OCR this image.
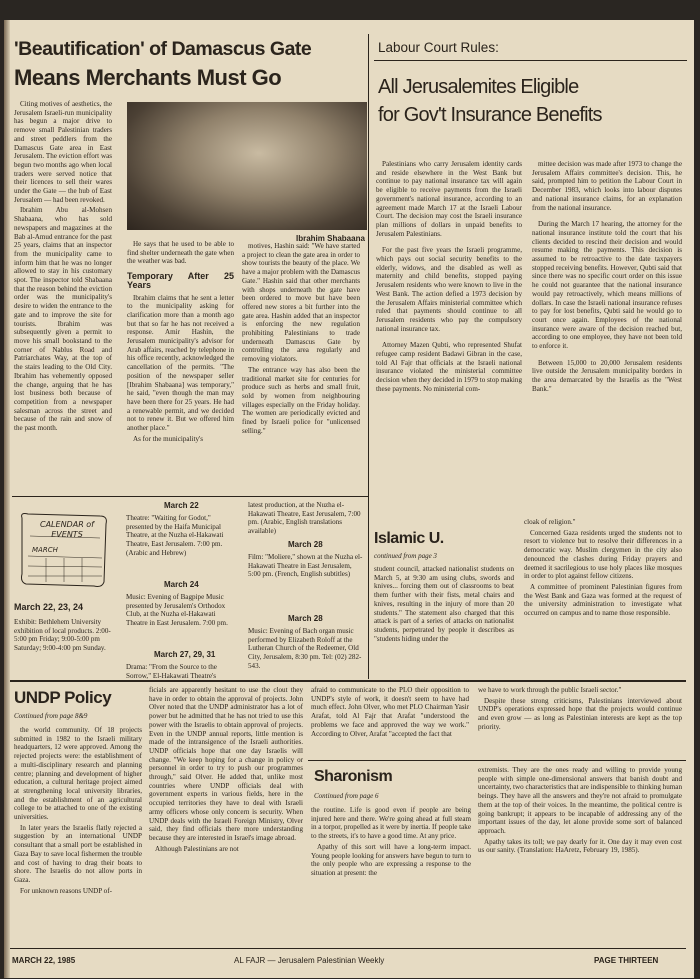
'Beautification' of Damascus Gate
Means Merchants Must Go

Citing motives of aesthetics, the Jerusalem Israeli-run municipality has begun a major drive to remove small Palestinian traders and street peddlers from the Damascus Gate area in East Jerusalem. The eviction effort was begun two months ago when local traders were served notice that their licences to sell their wares under the Gate — the hub of East Jerusalem — had been revoked.

Ibrahim Abu al-Mohsen Shabaana, who has sold newspapers and magazines at the Bab al-Amud entrance for the past 25 years, claims that an inspector from the municipality came to inform him that he was no longer allowed to stay in his customary spot. The inspector told Shabaana that the reason behind the eviction order was the municipality's desire to widen the entrance to the gate and to improve the site for tourists. Ibrahim was subsequently given a permit to move his small bookstand to the corner of Nablus Road and Patriarchates Way, at the top of the stairs leading to the Old City. Ibrahim has vehemently opposed the change, arguing that he has lost business both because of competition from a newspaper salesman across the street and because of the rain and snow of the past month.

Ibrahim Shabaana

He says that he used to be able to find shelter underneath the gate when the weather was bad.

Temporary After 25 Years

Ibrahim claims that he sent a letter to the municipality asking for clarification more than a month ago but that so far he has not received a response. Amir Hashin, the Jerusalem municipality's advisor for Arab affairs, reached by telephone in his office recently, acknowledged the cancellation of the permits. "The position of the newspaper seller [Ibrahim Shabaana] was temporary," he said, "even though the man may have been there for 25 years. He had a renewable permit, and we decided not to renew it. But we offered him another place."

As for the municipality's

motives, Hashin said: "We have started a project to clean the gate area in order to show tourists the beauty of the place. We have a major problem with the Damascus Gate." Hashin said that other merchants with shops underneath the gate have been ordered to move but have been offered new stores a bit further into the gate area. Hashin added that an inspector is enforcing the new regulation prohibiting Palestinians to trade underneath Damascus Gate by controlling the area regularly and removing violators.

The entrance way has also been the traditional market site for centuries for produce such as herbs and small fruit, sold by women from neighbouring villages especially on the Friday holiday. The women are periodically evicted and fined by Israeli police for "unlicensed selling."

Labour Court Rules:
All Jerusalemites Eligible
for Gov't Insurance Benefits

Palestinians who carry Jerusalem identity cards and reside elsewhere in the West Bank but continue to pay national insurance tax will again be eligible to receive payments from the Israeli government's national insurance, according to an agreement made March 17 at the Israeli Labour Court. The decision may cost the Israeli insurance plan millions of dollars in unpaid benefits to Jerusalem Palestinians.

For the past five years the Israeli programme, which pays out social security benefits to the elderly, widows, and the disabled as well as maternity and child benefits, stopped paying Jerusalem residents who were known to live in the West Bank. The action defied a 1973 decision by the Jerusalem Affairs ministerial committee which ruled that payments should continue to all Jerusalem residents who pay the compulsory national insurance tax.

Attorney Mazen Qubti, who represented Shufat refugee camp resident Badawi Gibran in the case, told Al Fajr that officials at the Israeli national insurance violated the ministerial committee decision when they decided in 1979 to stop making these payments. No ministerial com-

mittee decision was made after 1973 to change the Jerusalem Affairs committee's decision. This, he said, prompted him to petition the Labour Court in December 1983, which looks into labour disputes and national insurance claims, for an explanation from the national insurance.

During the March 17 hearing, the attorney for the national insurance institute told the court that his clients decided to rescind their decision and would resume making the payments. This decision is assumed to be retroactive to the date taxpayers stopped receiving benefits. However, Qubti said that since there was no specific court order on this issue he could not guarantee that the national insurance would pay retroactively, which means millions of dollars. In case the Israeli national insurance refuses to pay for lost benefits, Qubti said he would go to court once again. Employees of the national insurance were aware of the decision reached but, according to one employee, they have not been told to enforce it.

Between 15,000 to 20,000 Jerusalem residents live outside the Jerusalem municipality borders in the area demarcated by the Israelis as the "West Bank."

CALENDAR of EVENTS
MARCH
March 22, 23, 24
Exhibit: Bethlehem University exhibition of local products. 2:00-5:00 pm Friday; 9:00-5:00 pm Saturday; 9:00-4:00 pm Sunday.
March 22
Theatre: "Waiting for Godot," presented by the Haifa Municipal Theatre, at the Nuzha el-Hakawati Theatre, East Jerusalem. 7:00 pm. (Arabic and Hebrew)
March 24
Music: Evening of Bagpipe Music presented by Jerusalem's Orthodox Club, at the Nuzha el-Hakawati Theatre in East Jerusalem. 7:00 pm.
March 27, 29, 31
Drama: "From the Source to the Sorrow," El-Hakawati Theatre's
latest production, at the Nuzha el-Hakawati Theatre, East Jerusalem, 7:00 pm. (Arabic, English translations available)
March 28
Film: "Moliere," shown at the Nuzha el-Hakawati Theatre in East Jerusalem, 5:00 pm. (French, English subtitles)
March 28
Music: Evening of Bach organ music performed by Elizabeth Roloff at the Lutheran Church of the Redeemer, Old City, Jerusalem, 8:30 pm. Tel: (02) 282-543.
Islamic U.
continued from page 3

student council, attacked nationalist students on March 5, at 9:30 am using clubs, swords and knives... forcing them out of classrooms to beat them further with their fists, metal chairs and knives, resulting in the injury of more than 20 students." The statement also charged that this attack is part of a series of attacks on nationalist students, perpetrated by people it describes as "students hiding under the

cloak of religion."

Concerned Gaza residents urged the students not to resort to violence but to resolve their differences in a democratic way. Muslim clergymen in the city also denounced the clashes during Friday prayers and deemed it sacrilegious to use holy places like mosques in order to plot against fellow citizens.

A committee of prominent Palestinian figures from the West Bank and Gaza was formed at the request of the university administration to investigate what occurred on campus and to name those responsible.

UNDP Policy
Continued from page 8&9

the world community. Of 18 projects submitted in 1982 to the Israeli military headquarters, 12 were approved. Among the rejected projects were: the establishment of a multi-disciplinary research and planning centre; planning and development of higher education, a cultural heritage project aimed at strengthening local university libraries, and the establishment of an agricultural college to be attached to one of the existing universities.

In later years the Israelis flatly rejected a suggestion by an international UNDP consultant that a small port be established in Gaza Bay to save local fishermen the trouble and cost of having to drag their boats to shore. The Israelis do not allow ports in Gaza.

For unknown reasons UNDP of-

ficials are apparently hesitant to use the clout they have in order to obtain the approval of projects. John Olver noted that the UNDP administrator has a lot of power but he admitted that he has not tried to use this power with the Israelis to obtain approval of projects. Even in the UNDP annual reports, little mention is made of the intransigence of the Israeli authorities. UNDP officials hope that one day Israelis will change. "We keep hoping for a change in policy or personnel in order to try to push our programmes through," said Olver. He added that, unlike most countries where UNDP officials deal with government experts in various fields, here in the occupied territories they have to deal with Israeli army officers whose only concern is security. When UNDP deals with the Israeli Foreign Ministry, Olver said, they find officials there more understanding because they are interested in Israel's image abroad.

Although Palestinians are not

afraid to communicate to the PLO their opposition to UNDP's style of work, it doesn't seem to have had much effect. John Olver, who met PLO Chairman Yasir Arafat, told Al Fajr that Arafat "understood the problems we face and approved the way we work." According to Olver, Arafat "accepted the fact that

we have to work through the public Israeli sector."

Despite these strong criticisms, Palestinians interviewed about UNDP's operations expressed hope that the projects would continue and even grow — as long as Palestinian interests are kept as the top priority.

Sharonism
Continued from page 6

the routine. Life is good even if people are being injured here and there. We're going ahead at full steam in a torpor, propelled as it were by inertia. If people take to the streets, it's to have a good time. At any price.

Apathy of this sort will have a long-term impact. Young people looking for answers have begun to turn to the only people who are expressing a response to the situation at present: the

extremists. They are the ones ready and willing to provide young people with simple one-dimensional answers that banish doubt and uncertainty, two characteristics that are indispensible to thinking human beings. They have all the answers and they're not afraid to promulgate them at the top of their voices. In the meantime, the political centre is going bankrupt; it appears to be incapable of addressing any of the important issues of the day, let alone provide some sort of balanced approach.

Apathy takes its toll; we pay dearly for it. One day it may even cost us our sanity. (Translation: HaAretz, February 19, 1985).

MARCH 22, 1985	AL FAJR — Jerusalem Palestinian Weekly	PAGE THIRTEEN
